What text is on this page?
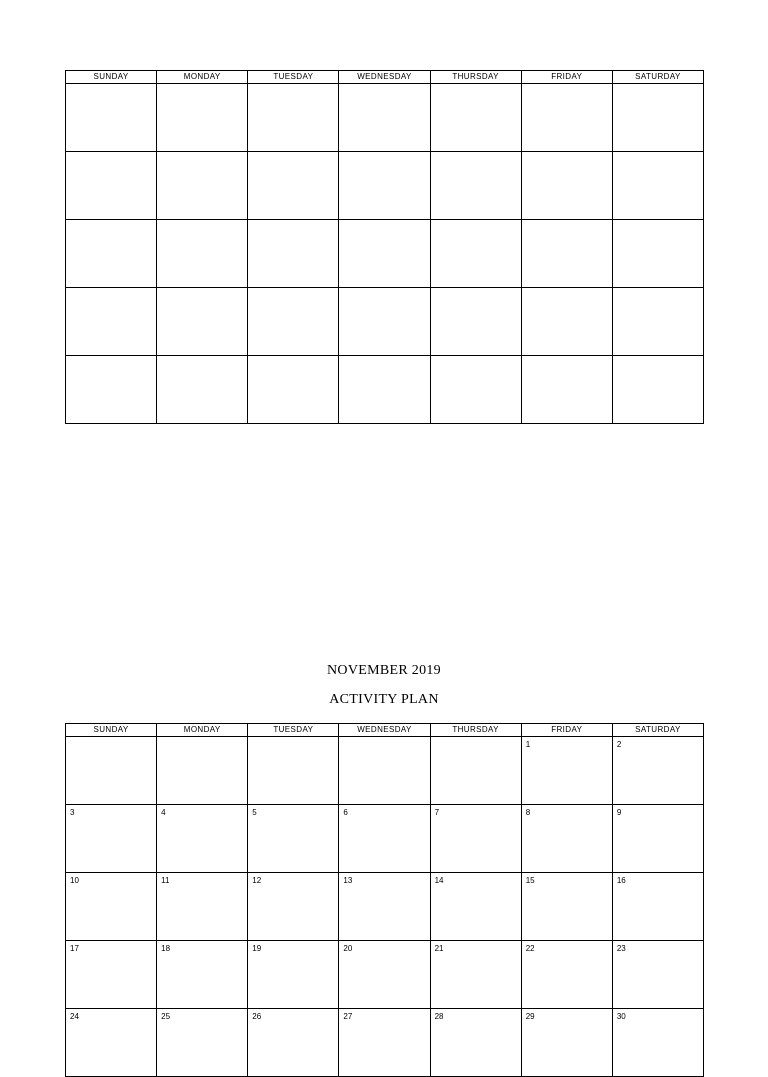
SUNDAY	MONDAY	TUESDAY	WEDNESDAY	THURSDAY	FRIDAY	SATURDAY

NOVEMBER 2019
ACTIVITY PLAN
SUNDAY	MONDAY	TUESDAY	WEDNESDAY	THURSDAY	FRIDAY	SATURDAY

					1	2

3	4	5	6	7	8	9

10	11	12	13	14	15	16

17	18	19	20	21	22	23

24	25	26	27	28	29	30
